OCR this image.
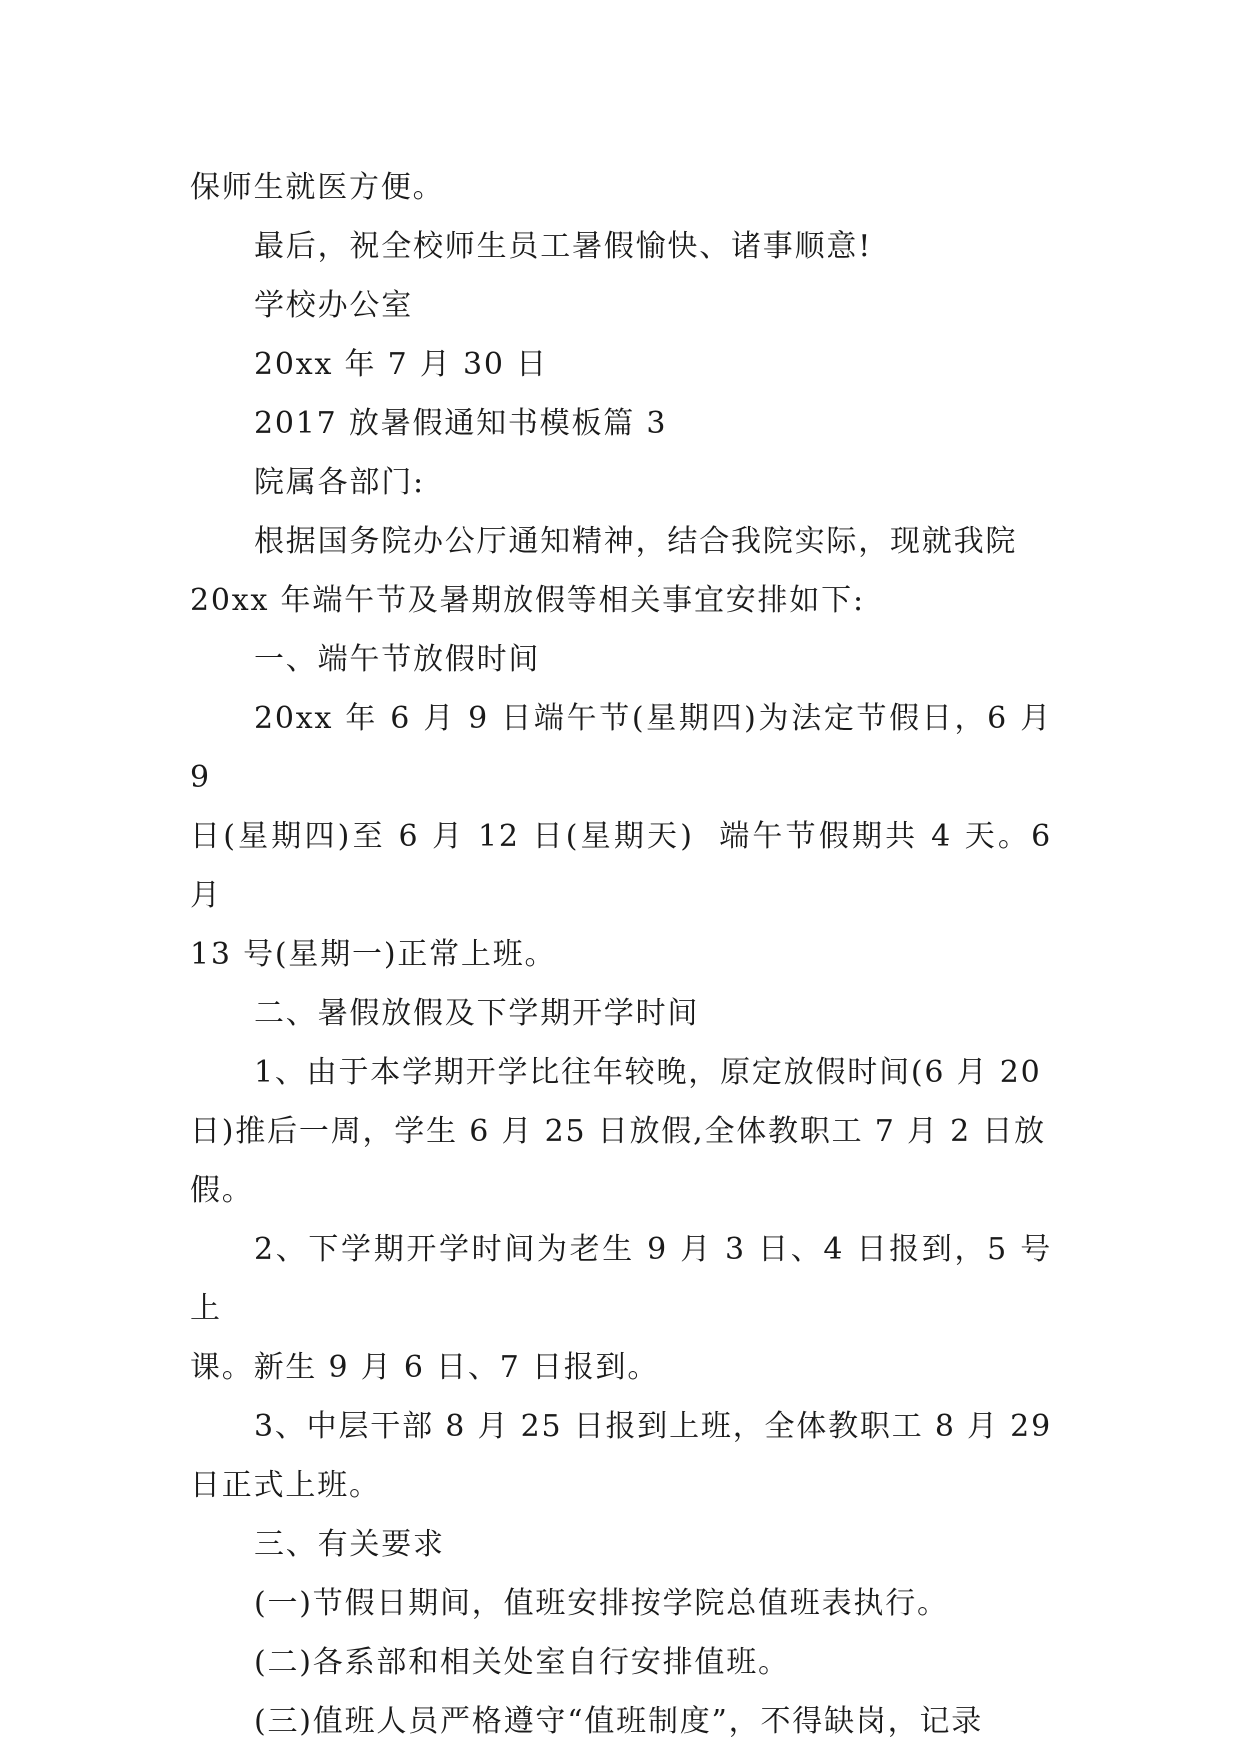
保师生就医方便。

最后，祝全校师生员工暑假愉快、诸事顺意!

学校办公室

20xx 年 7 月 30 日

2017 放暑假通知书模板篇 3

院属各部门:

根据国务院办公厅通知精神，结合我院实际，现就我院
20xx 年端午节及暑期放假等相关事宜安排如下:

一、端午节放假时间

20xx 年 6 月 9 日端午节(星期四)为法定节假日，6 月 9
日(星期四)至 6 月 12 日(星期天)  端午节假期共 4 天。6 月
13 号(星期一)正常上班。

二、暑假放假及下学期开学时间

1、由于本学期开学比往年较晚，原定放假时间(6 月 20
日)推后一周，学生 6 月 25 日放假,全体教职工 7 月 2 日放
假。

2、下学期开学时间为老生 9 月 3 日、4 日报到，5 号上
课。新生 9 月 6 日、7 日报到。

3、中层干部 8 月 25 日报到上班，全体教职工 8 月 29
日正式上班。

三、有关要求

(一)节假日期间，值班安排按学院总值班表执行。

(二)各系部和相关处室自行安排值班。

(三)值班人员严格遵守“值班制度”，不得缺岗，记录
